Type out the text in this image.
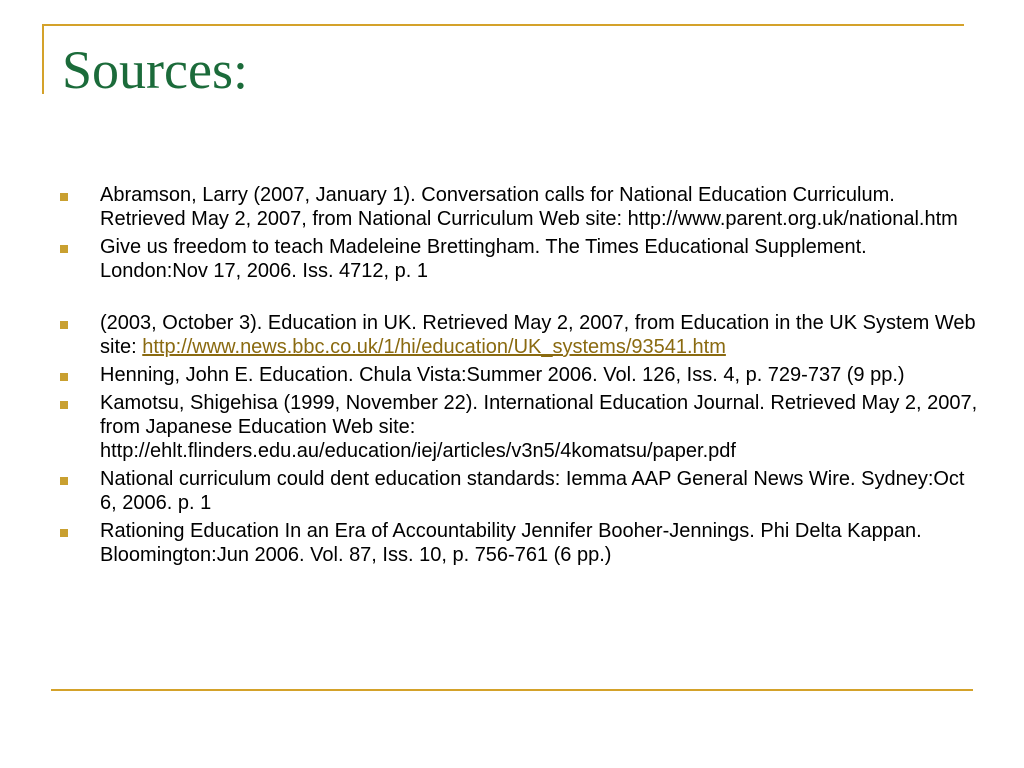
Sources:
Abramson, Larry (2007, January 1). Conversation calls for National Education Curriculum. Retrieved May 2, 2007, from National Curriculum Web site: http://www.parent.org.uk/national.htm
Give us freedom to teach Madeleine Brettingham. The Times Educational Supplement. London:Nov 17, 2006. Iss. 4712, p. 1
(2003, October 3). Education in UK. Retrieved May 2, 2007, from Education in the UK System Web site: http://www.news.bbc.co.uk/1/hi/education/UK_systems/93541.htm
Henning, John E. Education. Chula Vista:Summer 2006. Vol. 126, Iss. 4, p. 729-737 (9 pp.)
Kamotsu, Shigehisa (1999, November 22). International Education Journal. Retrieved May 2, 2007, from Japanese Education Web site: http://ehlt.flinders.edu.au/education/iej/articles/v3n5/4komatsu/paper.pdf
National curriculum could dent education standards: Iemma AAP General News Wire. Sydney:Oct 6, 2006. p. 1
Rationing Education In an Era of Accountability Jennifer Booher-Jennings. Phi Delta Kappan. Bloomington:Jun 2006. Vol. 87, Iss. 10, p. 756-761 (6 pp.)
